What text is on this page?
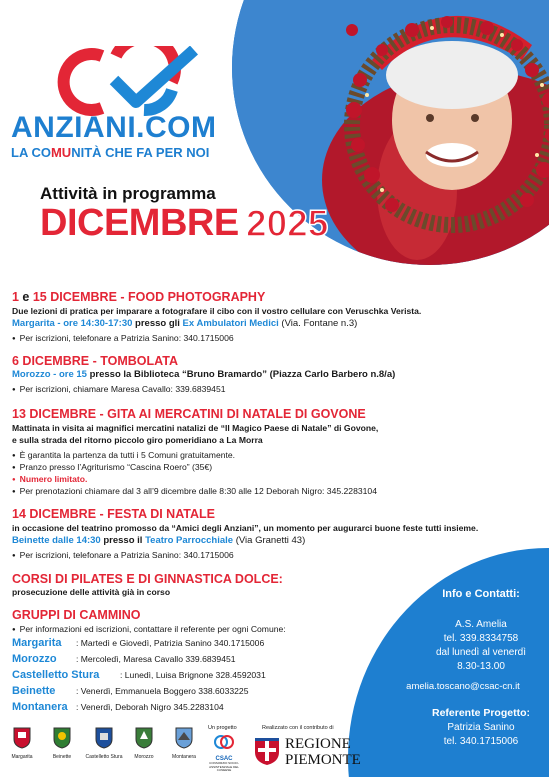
ANZIANI.COM
LA COMUNITÀ CHE FA PER NOI
Attività in programma
DICEMBRE 2025
1 e 15 DICEMBRE - FOOD PHOTOGRAPHY
Due lezioni di pratica per imparare a fotografare il cibo con il vostro cellulare con Veruschka Verista.
Margarita - ore 14:30-17:30 presso gli Ex Ambulatori Medici (Via. Fontane n.3)
● Per iscrizioni, telefonare a Patrizia Sanino: 340.1715006
6 DICEMBRE - TOMBOLATA
Morozzo - ore 15 presso la Biblioteca “Bruno Bramardo” (Piazza Carlo Barbero n.8/a)
● Per iscrizioni, chiamare Maresa Cavallo: 339.6839451
13 DICEMBRE - GITA AI MERCATINI DI NATALE DI GOVONE
Mattinata in visita ai magnifici mercatini natalizi de “Il Magico Paese di Natale” di Govone,
e sulla strada del ritorno piccolo giro pomeridiano a La Morra
● È garantita la partenza da tutti i 5 Comuni gratuitamente.
● Pranzo presso l’Agriturismo “Cascina Roero” (35€)
● Numero limitato.
● Per prenotazioni chiamare dal 3 all’9 dicembre dalle 8:30 alle 12 Deborah Nigro: 345.2283104
14 DICEMBRE - FESTA DI NATALE
in occasione del teatrino promosso da “Amici degli Anziani”, un momento per augurarci buone feste tutti insieme.
Beinette dalle 14:30 presso il Teatro Parrocchiale (Via Granetti 43)
● Per iscrizioni, telefonare a Patrizia Sanino: 340.1715006
CORSI DI PILATES E DI GINNASTICA DOLCE:
prosecuzione delle attività già in corso
GRUPPI DI CAMMINO
● Per informazioni ed iscrizioni, contattare il referente per ogni Comune:
Margarita : Martedì e Giovedì, Patrizia Sanino 340.1715006
Morozzo : Mercoledì, Maresa Cavallo 339.6839451
Castelletto Stura : Lunedì, Luisa Brignone 328.4592031
Beinette : Venerdì, Emmanuela Boggero 338.6033225
Montanera : Venerdì, Deborah Nigro 345.2283104
Info e Contatti:
A.S. Amelia
tel. 339.8334758
dal lunedì al venerdì
8.30-13.00
amelia.toscano@csac-cn.it
Referente Progetto:
Patrizia Sanino
tel. 340.1715006
Margarita	Beinette	Castelletto Stura	Morozzo	Montanera
Un progetto
CSAC
CONSORZIO SOCIO-ASSISTENZIALE DEL CUNEESE
Realizzato con il contributo di
REGIONE
PIEMONTE
